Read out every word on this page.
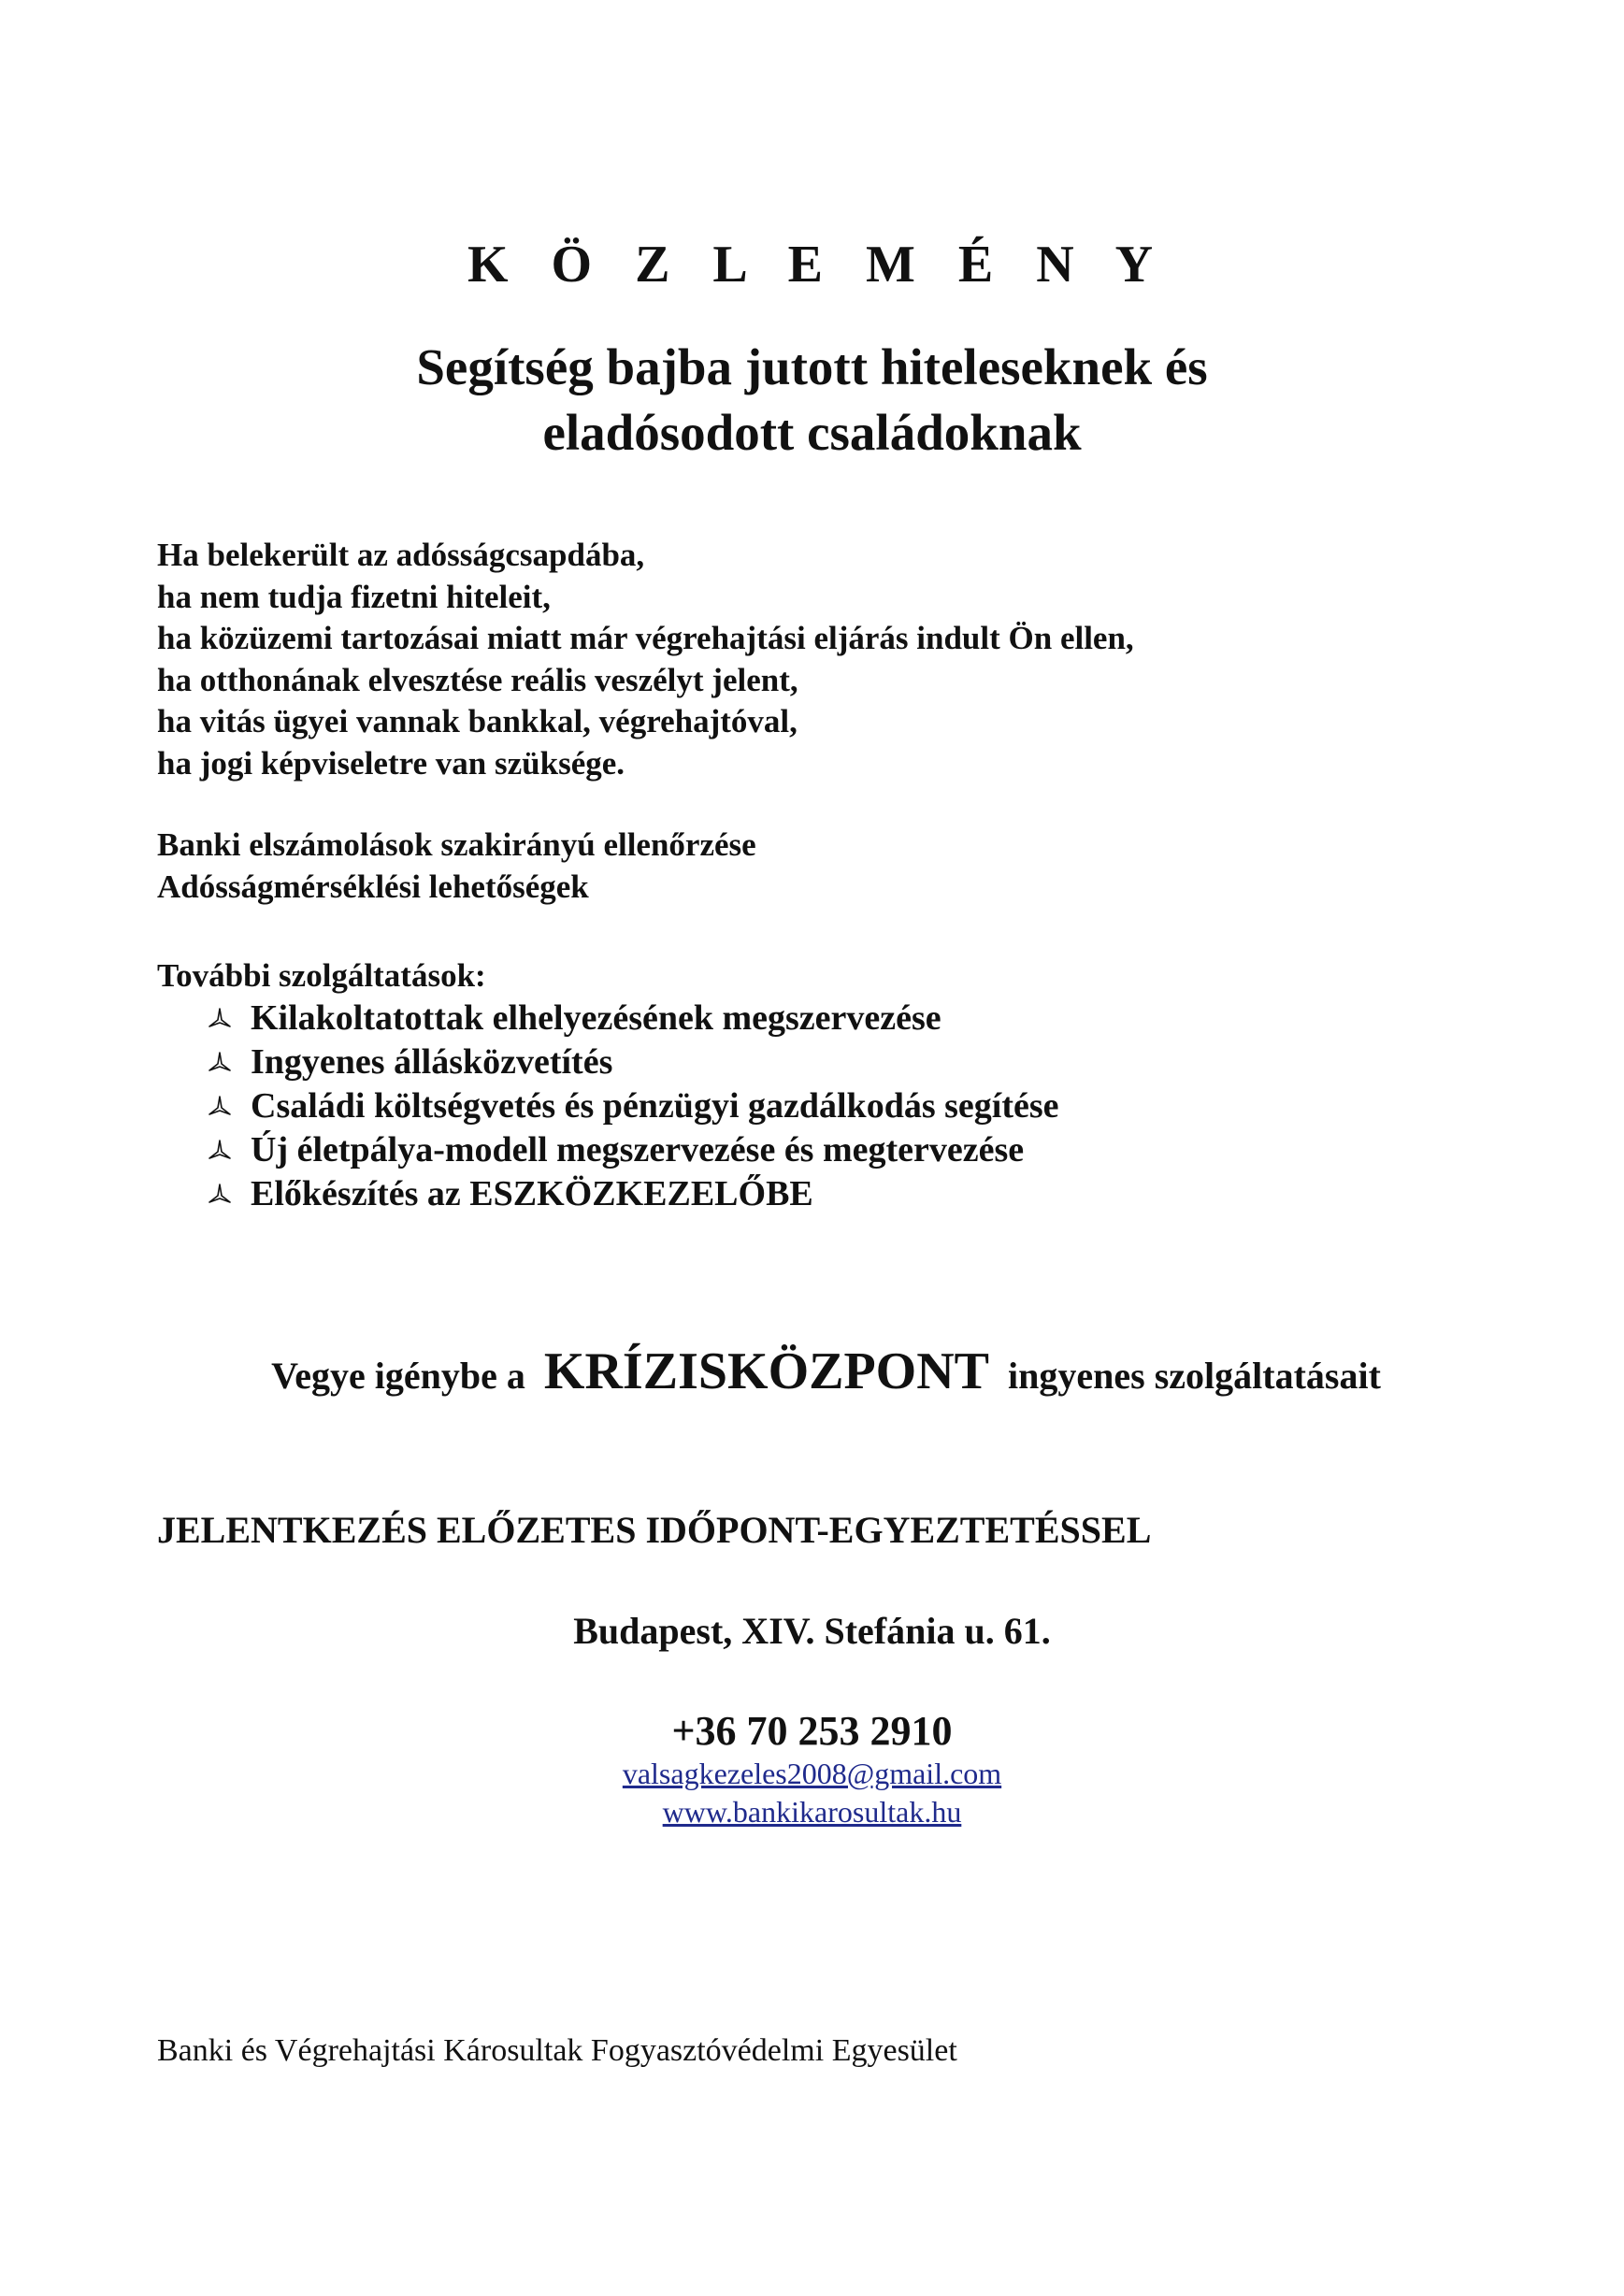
K Ö Z L E M É N Y
Segítség bajba jutott hiteleseknek és
eladósodott családoknak
Ha belekerült az adósságcsapdába,
ha nem tudja fizetni hiteleit,
ha közüzemi tartozásai miatt már végrehajtási eljárás indult Ön ellen,
ha otthonának elvesztése reális veszélyt jelent,
ha vitás ügyei vannak bankkal, végrehajtóval,
ha jogi képviseletre van szüksége.
Banki elszámolások szakirányú ellenőrzése
Adósságmérséklési lehetőségek
További szolgáltatások:
Kilakoltatottak elhelyezésének megszervezése
Ingyenes állásközvetítés
Családi költségvetés és pénzügyi gazdálkodás segítése
Új életpálya-modell megszervezése és megtervezése
Előkészítés az ESZKÖZKEZELŐBE
Vegye igénybe a KRÍZISKÖZPONT ingyenes szolgáltatásait
JELENTKEZÉS ELŐZETES IDŐPONT-EGYEZTETÉSSEL
Budapest, XIV. Stefánia u. 61.
+36 70 253 2910
valsagkezeles2008@gmail.com
www.bankikarosultak.hu
Banki és Végrehajtási Károsultak Fogyasztóvédelmi Egyesület
